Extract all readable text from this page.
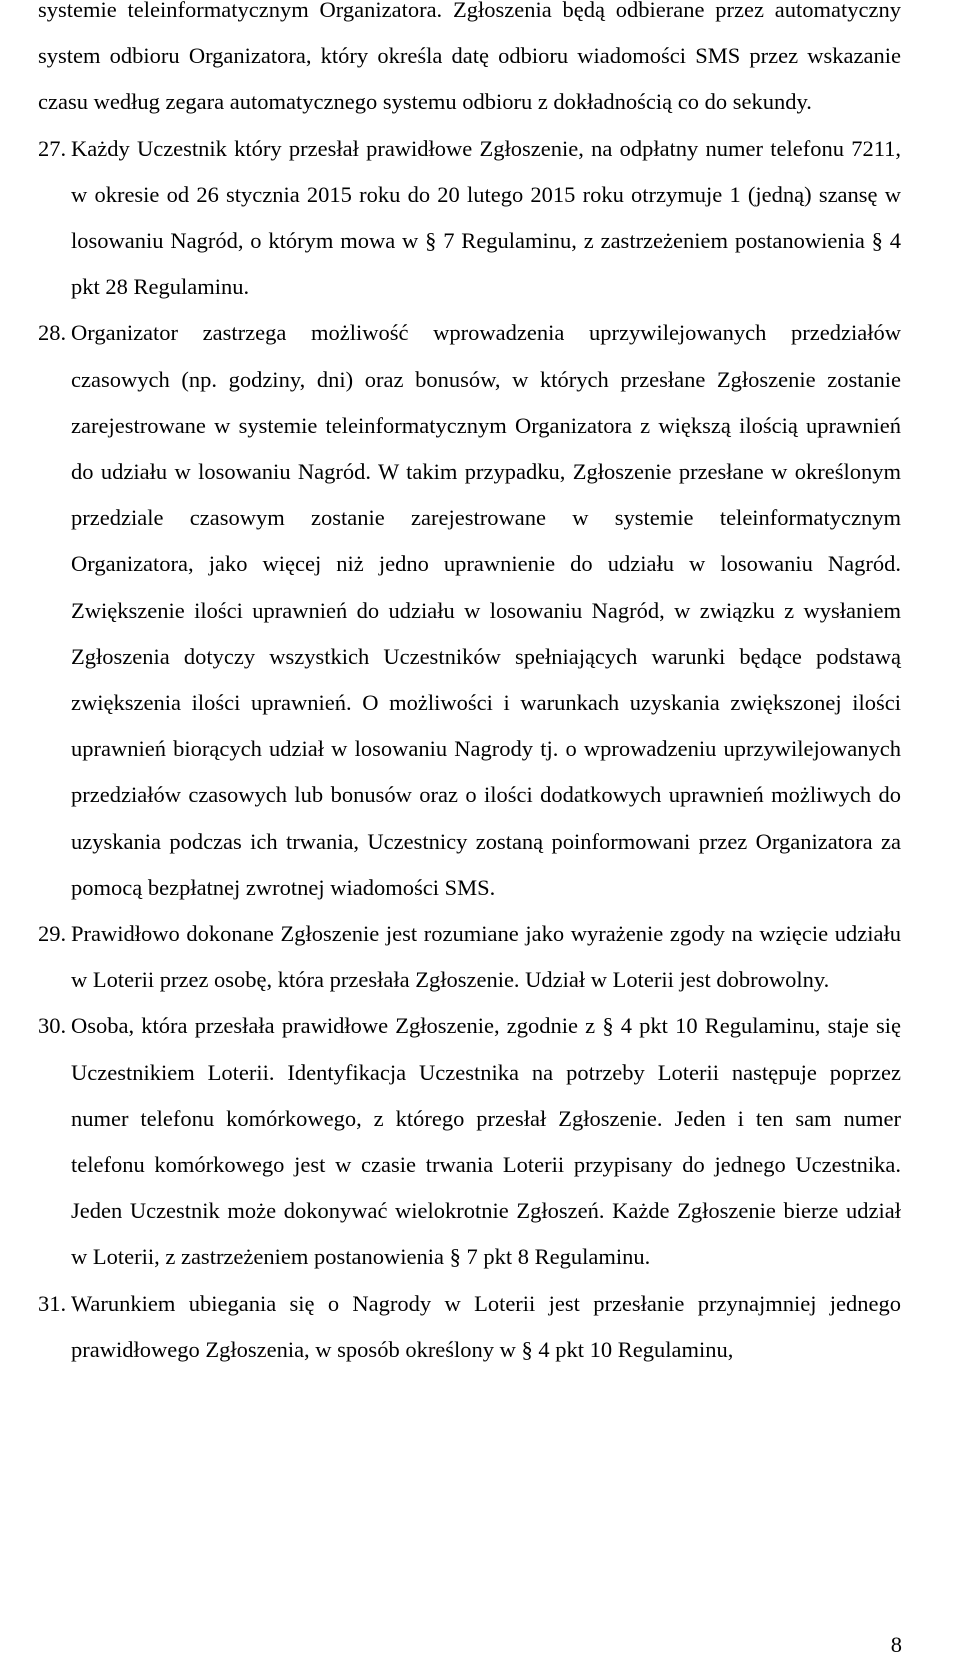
systemie teleinformatycznym Organizatora. Zgłoszenia będą odbierane przez automatyczny system odbioru Organizatora, który określa datę odbioru wiadomości SMS przez wskazanie czasu według zegara automatycznego systemu odbioru z dokładnością co do sekundy.

27. Każdy Uczestnik który przesłał prawidłowe Zgłoszenie, na odpłatny numer telefonu 7211, w okresie od 26 stycznia 2015 roku do 20 lutego 2015 roku otrzymuje 1 (jedną) szansę w losowaniu Nagród, o którym mowa w § 7 Regulaminu, z zastrzeżeniem postanowienia § 4 pkt 28 Regulaminu.

28. Organizator zastrzega możliwość wprowadzenia uprzywilejowanych przedziałów czasowych (np. godziny, dni) oraz bonusów, w których przesłane Zgłoszenie zostanie zarejestrowane w systemie teleinformatycznym Organizatora z większą ilością uprawnień do udziału w losowaniu Nagród. W takim przypadku, Zgłoszenie przesłane w określonym przedziale czasowym zostanie zarejestrowane w systemie teleinformatycznym Organizatora, jako więcej niż jedno uprawnienie do udziału w losowaniu Nagród. Zwiększenie ilości uprawnień do udziału w losowaniu Nagród, w związku z wysłaniem Zgłoszenia dotyczy wszystkich Uczestników spełniających warunki będące podstawą zwiększenia ilości uprawnień. O możliwości i warunkach uzyskania zwiększonej ilości uprawnień biorących udział w losowaniu Nagrody tj. o wprowadzeniu uprzywilejowanych przedziałów czasowych lub bonusów oraz o ilości dodatkowych uprawnień możliwych do uzyskania podczas ich trwania, Uczestnicy zostaną poinformowani przez Organizatora za pomocą bezpłatnej zwrotnej wiadomości SMS.

29. Prawidłowo dokonane Zgłoszenie jest rozumiane jako wyrażenie zgody na wzięcie udziału w Loterii przez osobę, która przesłała Zgłoszenie. Udział w Loterii jest dobrowolny.

30. Osoba, która przesłała prawidłowe Zgłoszenie, zgodnie z § 4 pkt 10 Regulaminu, staje się Uczestnikiem Loterii. Identyfikacja Uczestnika na potrzeby Loterii następuje poprzez numer telefonu komórkowego, z którego przesłał Zgłoszenie. Jeden i ten sam numer telefonu komórkowego jest w czasie trwania Loterii przypisany do jednego Uczestnika. Jeden Uczestnik może dokonywać wielokrotnie Zgłoszeń. Każde Zgłoszenie bierze udział w Loterii, z zastrzeżeniem postanowienia § 7 pkt 8 Regulaminu.

31. Warunkiem ubiegania się o Nagrody w Loterii jest przesłanie przynajmniej jednego prawidłowego Zgłoszenia, w sposób określony w § 4 pkt 10 Regulaminu,

8
